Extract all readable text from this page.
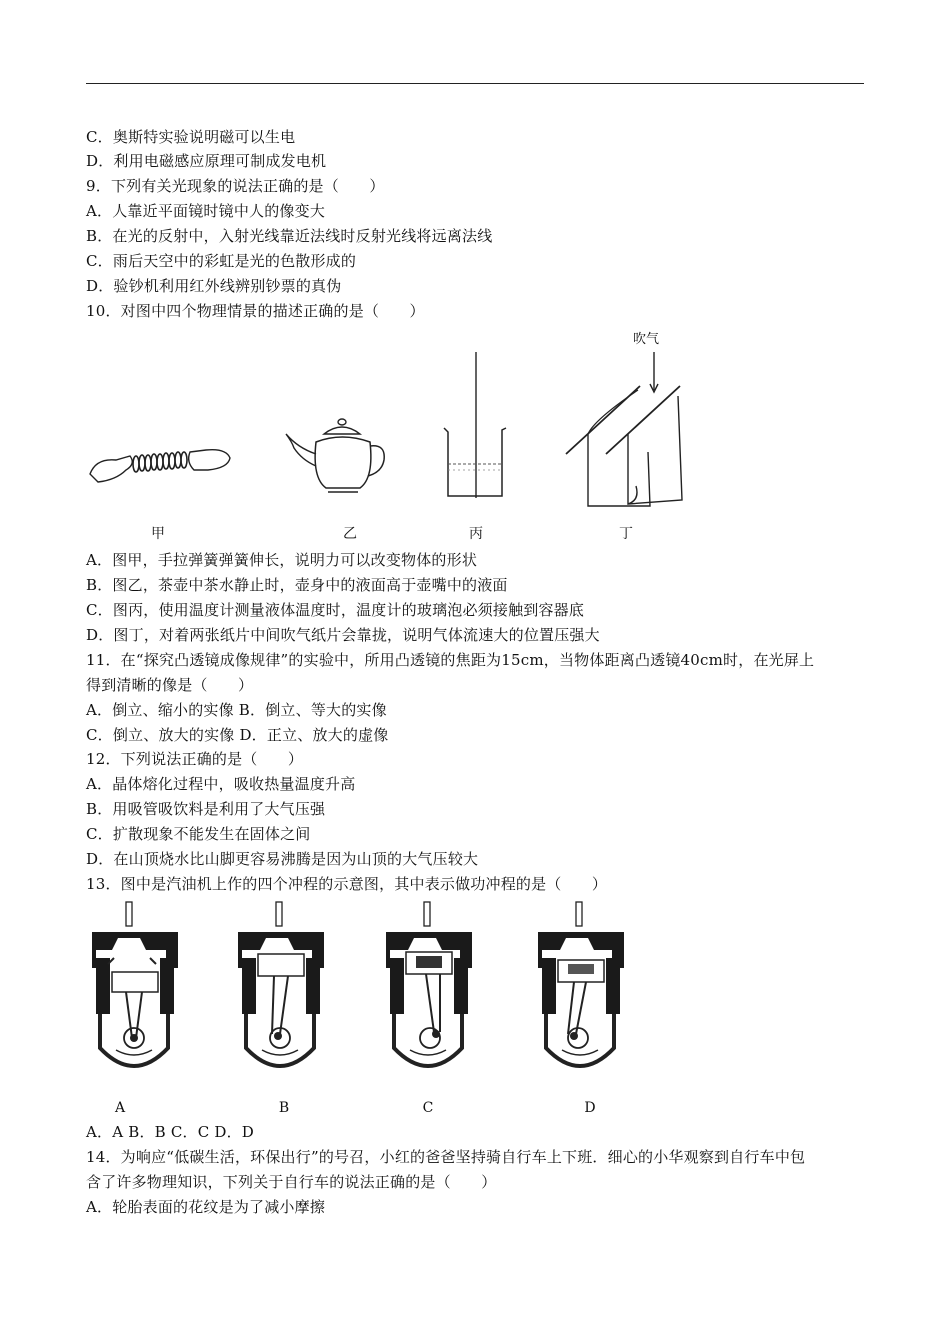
C．奥斯特实验说明磁可以生电
D．利用电磁感应原理可制成发电机
9．下列有关光现象的说法正确的是（　　）
A．人靠近平面镜时镜中人的像变大
B．在光的反射中，入射光线靠近法线时反射光线将远离法线
C．雨后天空中的彩虹是光的色散形成的
D．验钞机利用红外线辨别钞票的真伪
10．对图中四个物理情景的描述正确的是（　　）
吹气
甲	乙	丙	丁
A．图甲，手拉弹簧弹簧伸长，说明力可以改变物体的形状
B．图乙，茶壶中茶水静止时，壶身中的液面高于壶嘴中的液面
C．图丙，使用温度计测量液体温度时，温度计的玻璃泡必须接触到容器底
D．图丁，对着两张纸片中间吹气纸片会靠拢，说明气体流速大的位置压强大
11．在“探究凸透镜成像规律”的实验中，所用凸透镜的焦距为15cm，当物体距离凸透镜40cm时，在光屏上
得到清晰的像是（　　）
A．倒立、缩小的实像 B．倒立、等大的实像
C．倒立、放大的实像 D．正立、放大的虚像
12．下列说法正确的是（　　）
A．晶体熔化过程中，吸收热量温度升高
B．用吸管吸饮料是利用了大气压强
C．扩散现象不能发生在固体之间
D．在山顶烧水比山脚更容易沸腾是因为山顶的大气压较大
13．图中是汽油机上作的四个冲程的示意图，其中表示做功冲程的是（　　）
A	B	C	D
A．A B．B C．C D．D
14．为响应“低碳生活，环保出行”的号召，小红的爸爸坚持骑自行车上下班．细心的小华观察到自行车中包
含了许多物理知识，下列关于自行车的说法正确的是（　　）
A．轮胎表面的花纹是为了减小摩擦
